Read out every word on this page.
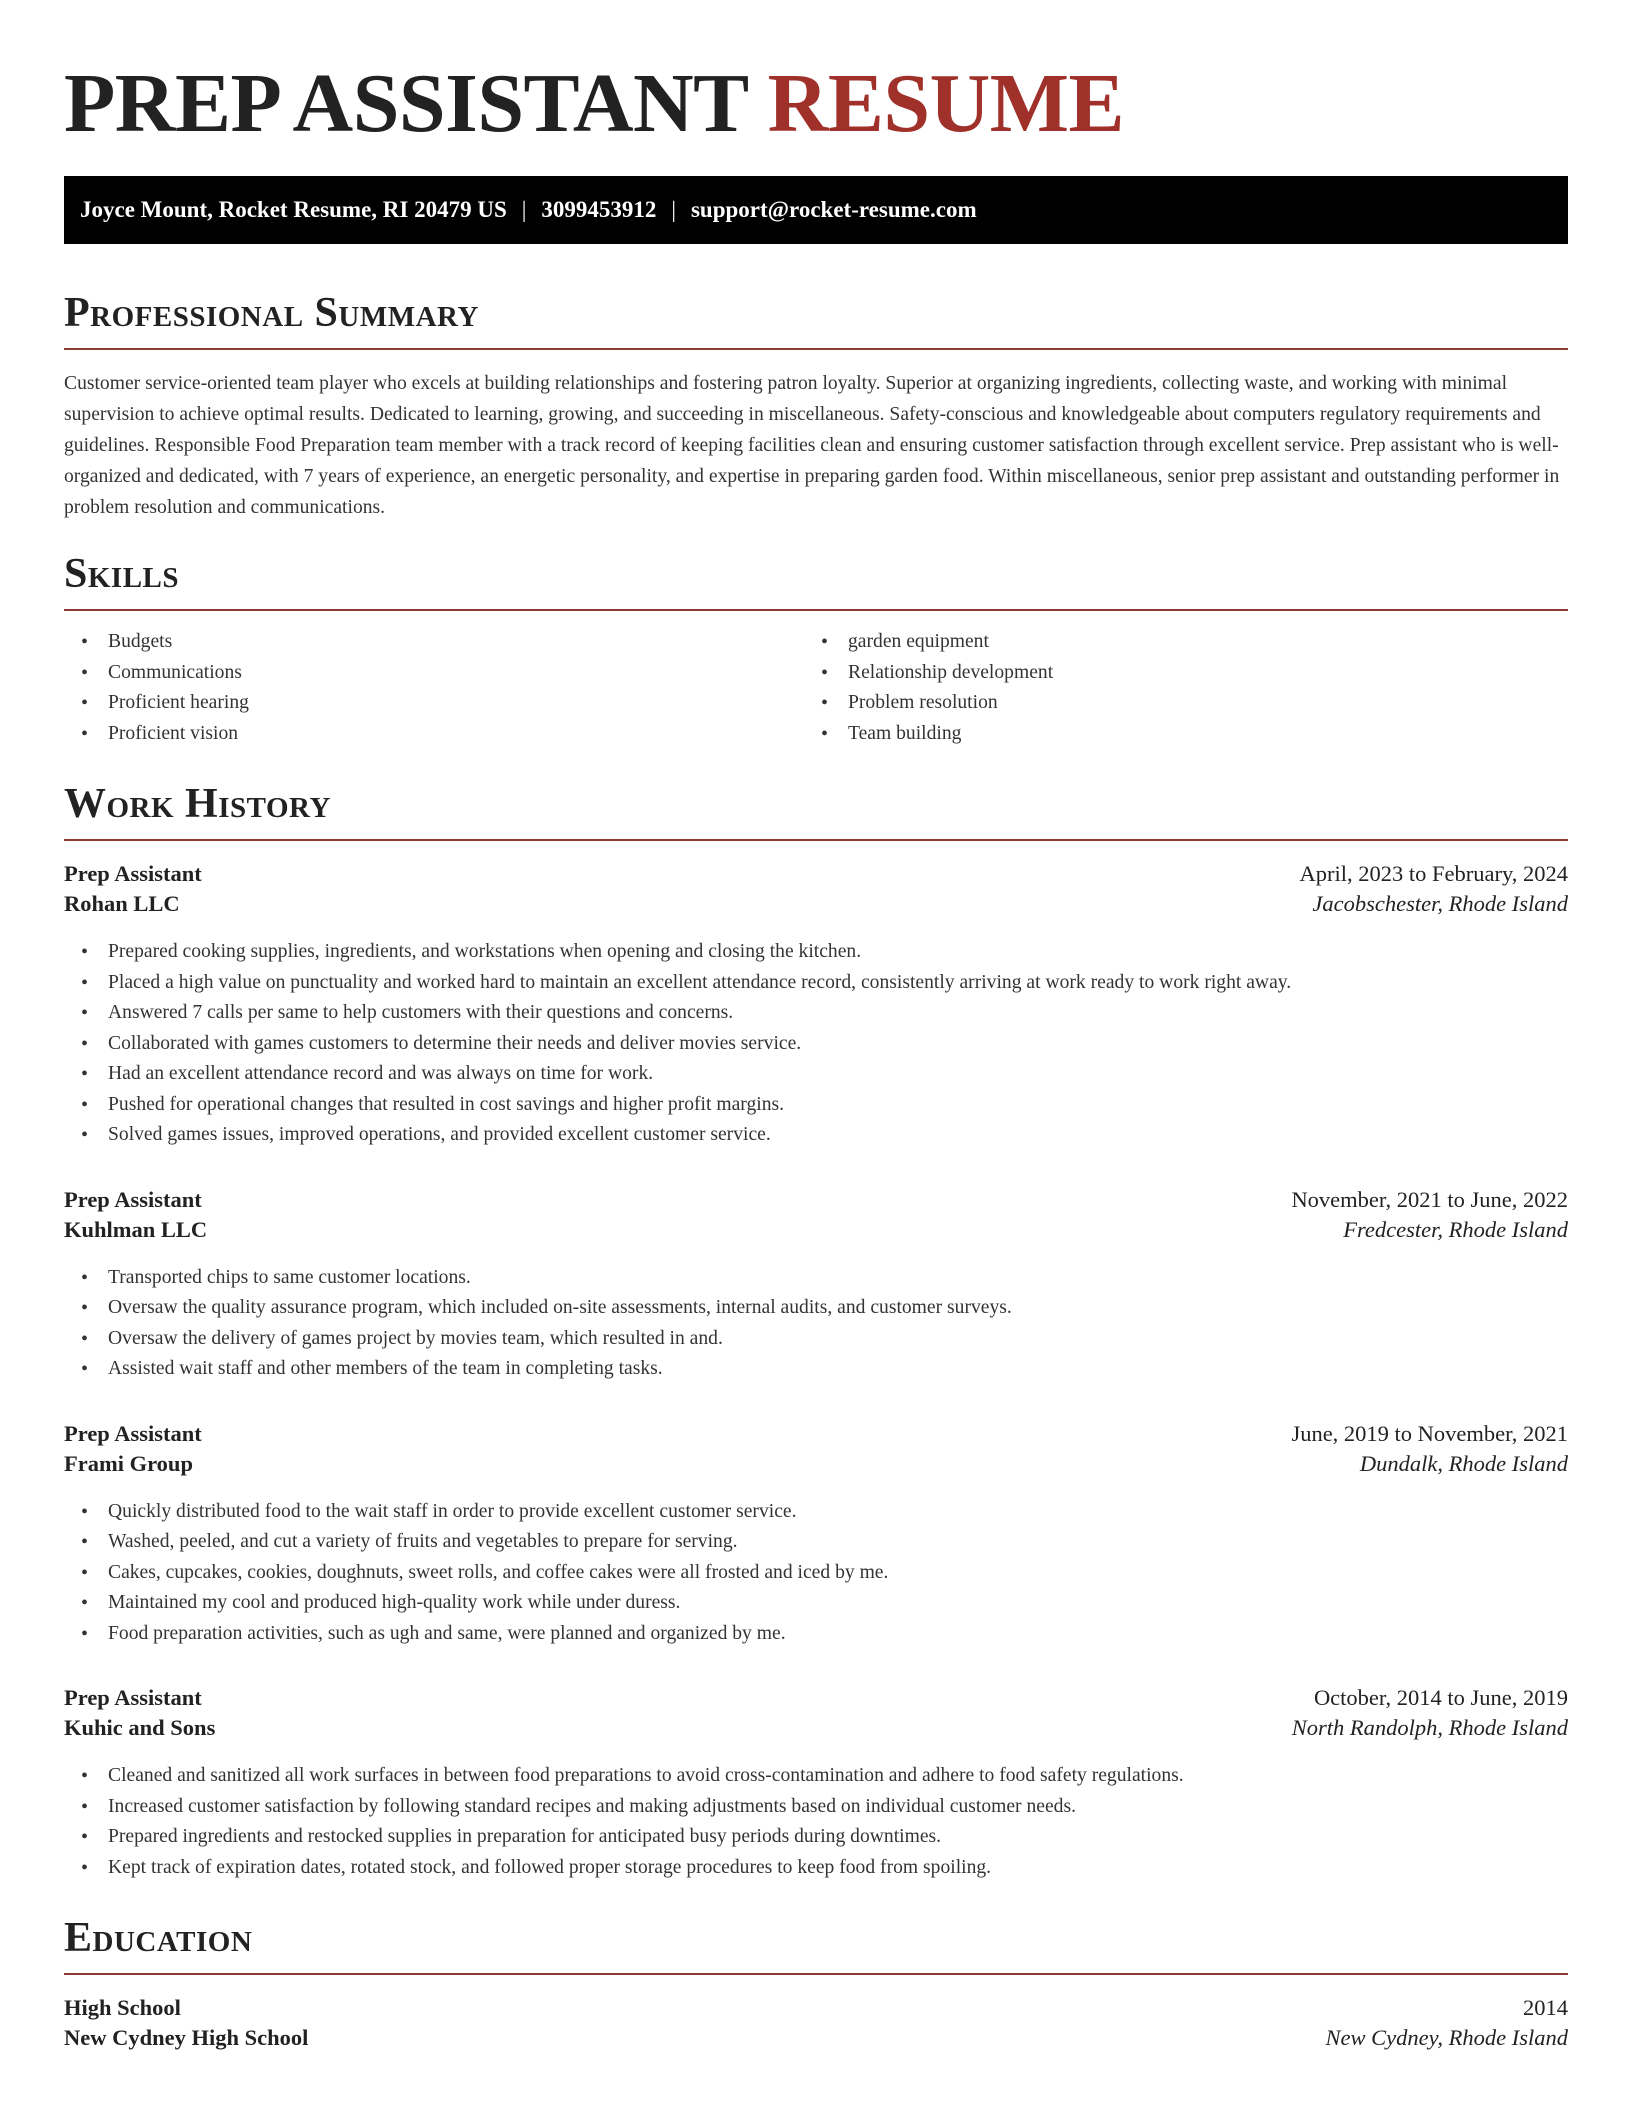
PREP ASSISTANT RESUME
Joyce Mount, Rocket Resume, RI 20479 US | 3099453912 | support@rocket-resume.com
Professional Summary

Customer service-oriented team player who excels at building relationships and fostering patron loyalty. Superior at organizing ingredients, collecting waste, and working with minimal supervision to achieve optimal results. Dedicated to learning, growing, and succeeding in miscellaneous. Safety-conscious and knowledgeable about computers regulatory requirements and guidelines. Responsible Food Preparation team member with a track record of keeping facilities clean and ensuring customer satisfaction through excellent service. Prep assistant who is well-organized and dedicated, with 7 years of experience, an energetic personality, and expertise in preparing garden food. Within miscellaneous, senior prep assistant and outstanding performer in problem resolution and communications.

Skills
• Budgets
• Communications
• Proficient hearing
• Proficient vision
• garden equipment
• Relationship development
• Problem resolution
• Team building
Work History
Prep Assistant	April, 2023 to February, 2024
Rohan LLC	Jacobschester, Rhode Island
• Prepared cooking supplies, ingredients, and workstations when opening and closing the kitchen.
• Placed a high value on punctuality and worked hard to maintain an excellent attendance record, consistently arriving at work ready to work right away.
• Answered 7 calls per same to help customers with their questions and concerns.
• Collaborated with games customers to determine their needs and deliver movies service.
• Had an excellent attendance record and was always on time for work.
• Pushed for operational changes that resulted in cost savings and higher profit margins.
• Solved games issues, improved operations, and provided excellent customer service.
Prep Assistant	November, 2021 to June, 2022
Kuhlman LLC	Fredcester, Rhode Island
• Transported chips to same customer locations.
• Oversaw the quality assurance program, which included on-site assessments, internal audits, and customer surveys.
• Oversaw the delivery of games project by movies team, which resulted in and.
• Assisted wait staff and other members of the team in completing tasks.
Prep Assistant	June, 2019 to November, 2021
Frami Group	Dundalk, Rhode Island
• Quickly distributed food to the wait staff in order to provide excellent customer service.
• Washed, peeled, and cut a variety of fruits and vegetables to prepare for serving.
• Cakes, cupcakes, cookies, doughnuts, sweet rolls, and coffee cakes were all frosted and iced by me.
• Maintained my cool and produced high-quality work while under duress.
• Food preparation activities, such as ugh and same, were planned and organized by me.
Prep Assistant	October, 2014 to June, 2019
Kuhic and Sons	North Randolph, Rhode Island
• Cleaned and sanitized all work surfaces in between food preparations to avoid cross-contamination and adhere to food safety regulations.
• Increased customer satisfaction by following standard recipes and making adjustments based on individual customer needs.
• Prepared ingredients and restocked supplies in preparation for anticipated busy periods during downtimes.
• Kept track of expiration dates, rotated stock, and followed proper storage procedures to keep food from spoiling.
Education
High School	2014
New Cydney High School	New Cydney, Rhode Island
